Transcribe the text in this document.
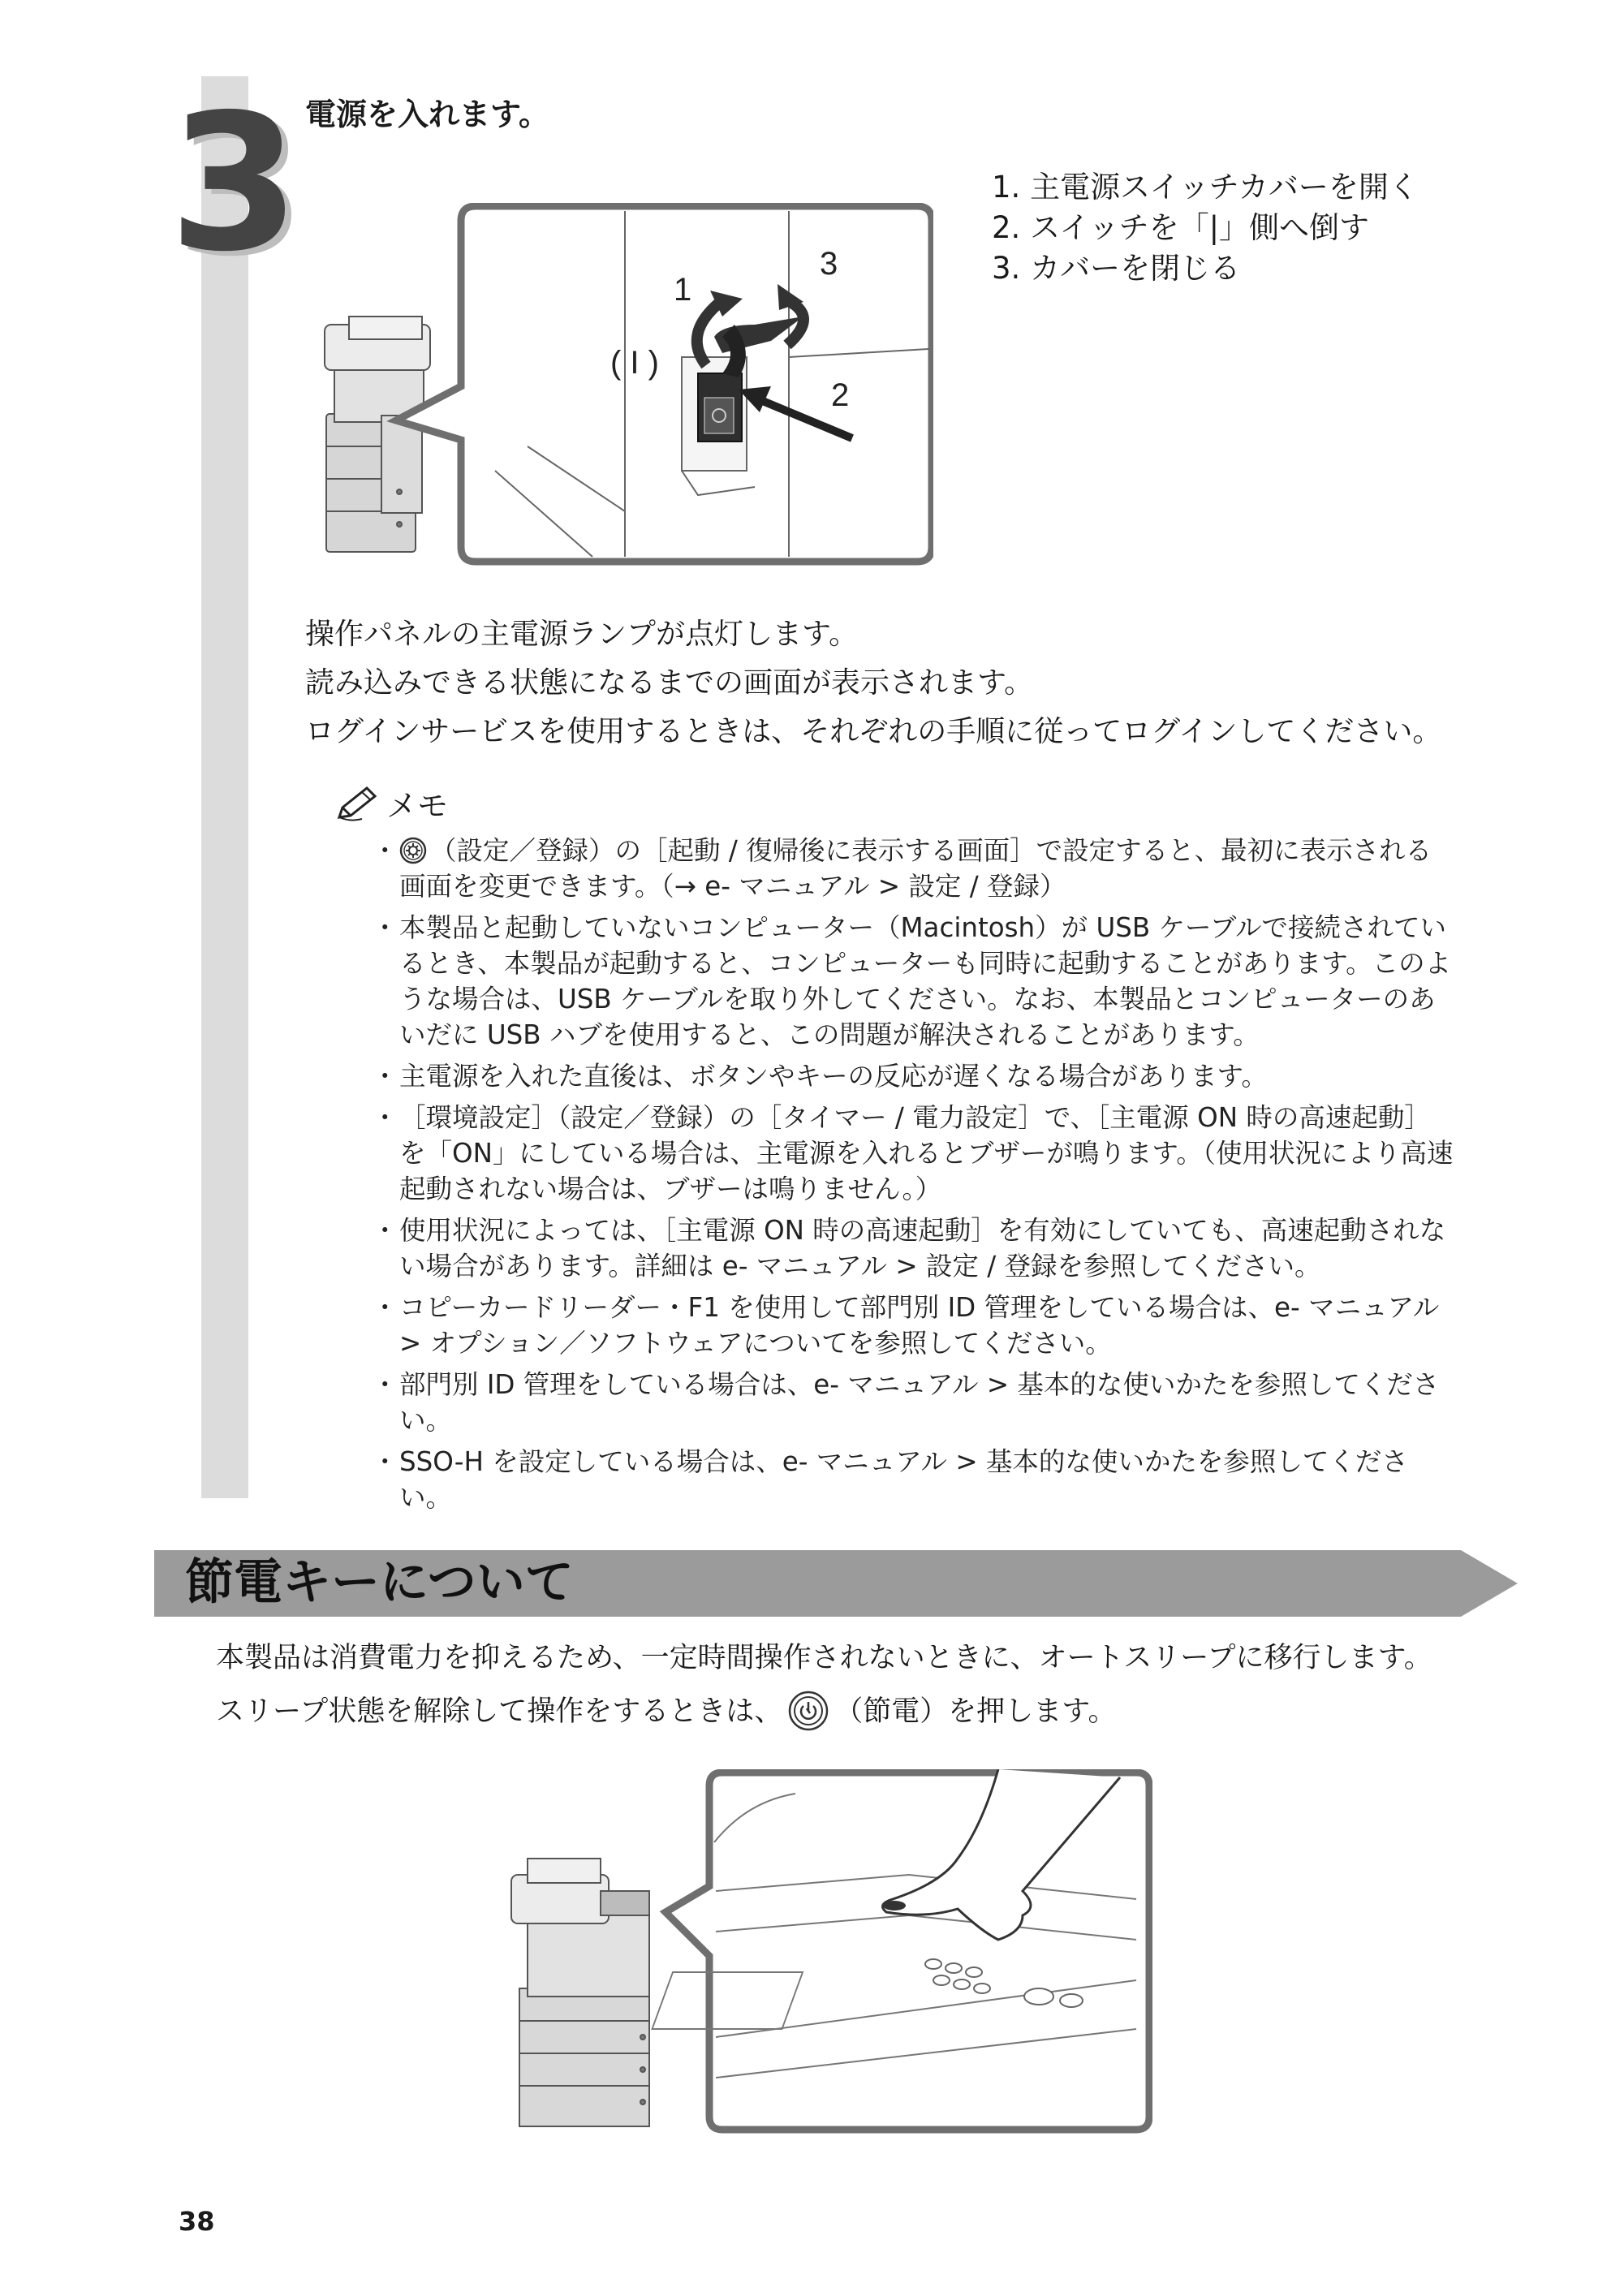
3 電源を入れます。
1
3
2
( I )
1. 主電源スイッチカバーを開く
2. スイッチを「|」側へ倒す
3. カバーを閉じる
操作パネルの主電源ランプが点灯します。
読み込みできる状態になるまでの画面が表示されます。
ログインサービスを使用するときは、それぞれの手順に従ってログインしてください。
メモ
・ （設定／登録）の［起動 / 復帰後に表示する画面］で設定すると、最初に表示される画面を変更できます。（→ e- マニュアル > 設定 / 登録）
・ 本製品と起動していないコンピューター（Macintosh）が USB ケーブルで接続されているとき、本製品が起動すると、コンピューターも同時に起動することがあります。このような場合は、USB ケーブルを取り外してください。なお、本製品とコンピューターのあいだに USB ハブを使用すると、この問題が解決されることがあります。
・ 主電源を入れた直後は、ボタンやキーの反応が遅くなる場合があります。
・ ［環境設定］（設定／登録）の［タイマー / 電力設定］で、［主電源 ON 時の高速起動］を「ON」にしている場合は、主電源を入れるとブザーが鳴ります。（使用状況により高速起動されない場合は、ブザーは鳴りません。）
・ 使用状況によっては、［主電源 ON 時の高速起動］を有効にしていても、高速起動されない場合があります。詳細は e- マニュアル > 設定 / 登録を参照してください。
・ コピーカードリーダー・F1 を使用して部門別 ID 管理をしている場合は、e- マニュアル > オプション／ソフトウェアについてを参照してください。
・ 部門別 ID 管理をしている場合は、e- マニュアル > 基本的な使いかたを参照してください。
・ SSO-H を設定している場合は、e- マニュアル > 基本的な使いかたを参照してください。
節電キーについて
本製品は消費電力を抑えるため、一定時間操作されないときに、オートスリープに移行します。
スリープ状態を解除して操作をするときは、 （節電）を押します。
38
